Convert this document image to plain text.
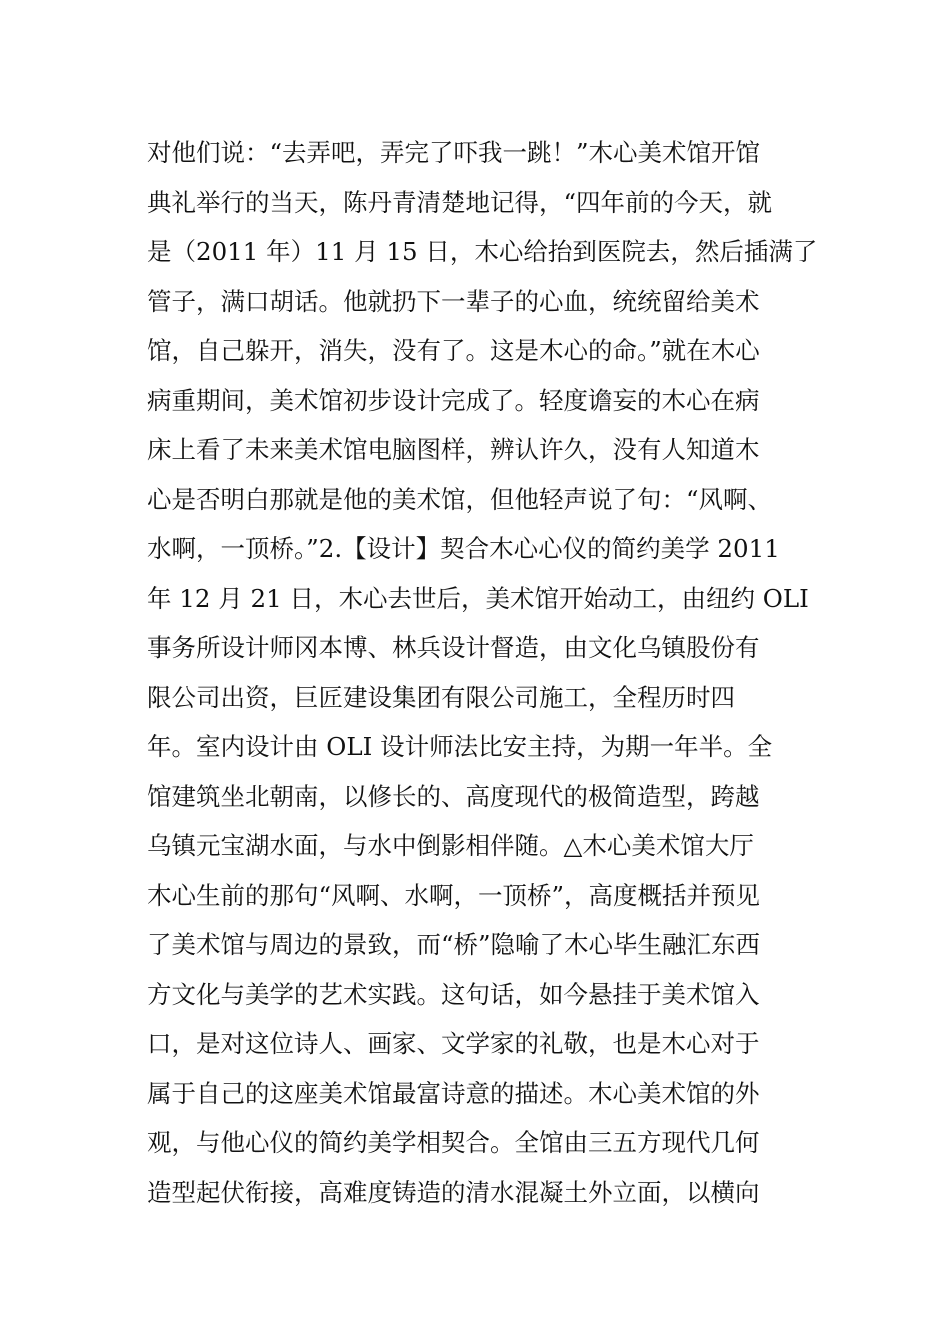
对他们说：“去弄吧，弄完了吓我一跳！”木心美术馆开馆
典礼举行的当天，陈丹青清楚地记得，“四年前的今天，就
是（2011 年）11 月 15 日，木心给抬到医院去，然后插满了
管子，满口胡话。他就扔下一辈子的心血，统统留给美术
馆，自己躲开，消失，没有了。这是木心的命。”就在木心
病重期间，美术馆初步设计完成了。轻度谵妄的木心在病
床上看了未来美术馆电脑图样，辨认许久，没有人知道木
心是否明白那就是他的美术馆，但他轻声说了句：“风啊、
水啊，一顶桥。”2.【设计】契合木心心仪的简约美学 2011
年 12 月 21 日，木心去世后，美术馆开始动工，由纽约 OLI
事务所设计师冈本博、林兵设计督造，由文化乌镇股份有
限公司出资，巨匠建设集团有限公司施工，全程历时四
年。室内设计由 OLI 设计师法比安主持，为期一年半。全
馆建筑坐北朝南，以修长的、高度现代的极简造型，跨越
乌镇元宝湖水面，与水中倒影相伴随。△木心美术馆大厅
木心生前的那句“风啊、水啊，一顶桥”，高度概括并预见
了美术馆与周边的景致，而“桥”隐喻了木心毕生融汇东西
方文化与美学的艺术实践。这句话，如今悬挂于美术馆入
口，是对这位诗人、画家、文学家的礼敬，也是木心对于
属于自己的这座美术馆最富诗意的描述。木心美术馆的外
观，与他心仪的简约美学相契合。全馆由三五方现代几何
造型起伏衔接，高难度铸造的清水混凝土外立面，以横向
